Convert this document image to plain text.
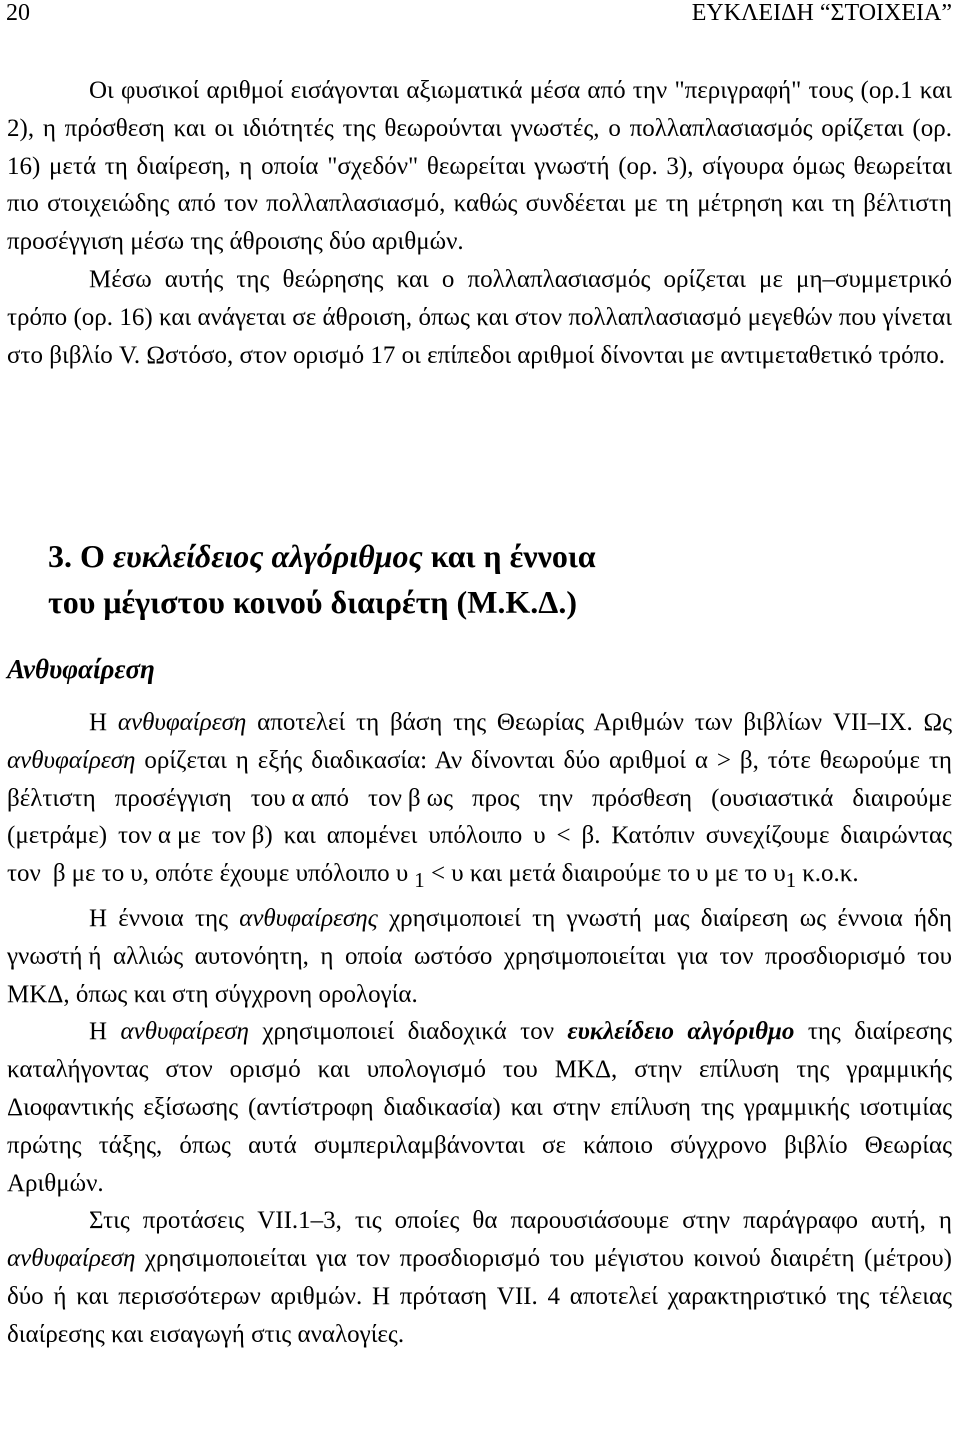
20	ΕΥΚΛΕΙΔΗ “ΣΤΟΙΧΕΙΑ”

Οι φυσικοί αριθμοί εισάγονται αξιωματικά μέσα από την "περιγραφή" τους (ορ.1 και 2), η πρόσθεση και οι ιδιότητές της θεωρούνται γνωστές, ο πολλαπλασιασμός ορίζεται (ορ. 16) μετά τη διαίρεση, η οποία "σχεδόν" θεωρείται γνωστή (ορ. 3), σίγουρα όμως θεωρείται πιο στοιχειώδης από τον πολλαπλασιασμό, καθώς συνδέεται με τη μέτρηση και τη βέλτιστη προσέγγιση μέσω της άθροισης δύο αριθμών.

Μέσω αυτής της θεώρησης και ο πολλαπλασιασμός ορίζεται με μη–συμμετρικό τρόπο (ορ. 16) και ανάγεται σε άθροιση, όπως και στον πολλαπλασιασμό μεγεθών που γίνεται στο βιβλίο V. Ωστόσο, στον ορισμό 17 οι επίπεδοι αριθμοί δίνονται με αντιμεταθετικό τρόπο.

3. Ο ευκλείδειος αλγόριθμος και η έννοια
του μέγιστου κοινού διαιρέτη (Μ.Κ.Δ.)
Ανθυφαίρεση

Η ανθυφαίρεση αποτελεί τη βάση της Θεωρίας Αριθμών των βιβλίων VII–IX. Ως ανθυφαίρεση ορίζεται η εξής διαδικασία: Αν δίνονται δύο αριθμοί α > β, τότε θεωρούμε τη βέλτιστη προσέγγιση του α από τον β ως προς την πρόσθεση (ουσιαστικά διαιρούμε (μετράμε) τον α με τον β) και απομένει υπόλοιπο υ < β. Κατόπιν συνεχίζουμε διαιρώντας τον β με το υ, οπότε έχουμε υπόλοιπο υ $_1$ < υ και μετά διαιρούμε το υ με το $\upsilon_1$ κ.ο.κ.

Η έννοια της ανθυφαίρεσης χρησιμοποιεί τη γνωστή μας διαίρεση ως έννοια ήδη γνωστή ή αλλιώς αυτονόητη, η οποία ωστόσο χρησιμοποιείται για τον προσδιορισμό του ΜΚΔ, όπως και στη σύγχρονη ορολογία.

Η ανθυφαίρεση χρησιμοποιεί διαδοχικά τον ευκλείδειο αλγόριθμο της διαίρεσης καταλήγοντας στον ορισμό και υπολογισμό του ΜΚΔ, στην επίλυση της γραμμικής Διοφαντικής εξίσωσης (αντίστροφη διαδικασία) και στην επίλυση της γραμμικής ισοτιμίας πρώτης τάξης, όπως αυτά συμπεριλαμβάνονται σε κάποιο σύγχρονο βιβλίο Θεωρίας Αριθμών.

Στις προτάσεις VII.1–3, τις οποίες θα παρουσιάσουμε στην παράγραφο αυτή, η ανθυφαίρεση χρησιμοποιείται για τον προσδιορισμό του μέγιστου κοινού διαιρέτη (μέτρου) δύο ή και περισσότερων αριθμών. Η πρόταση VII. 4 αποτελεί χαρακτηριστικό της τέλειας διαίρεσης και εισαγωγή στις αναλογίες.
